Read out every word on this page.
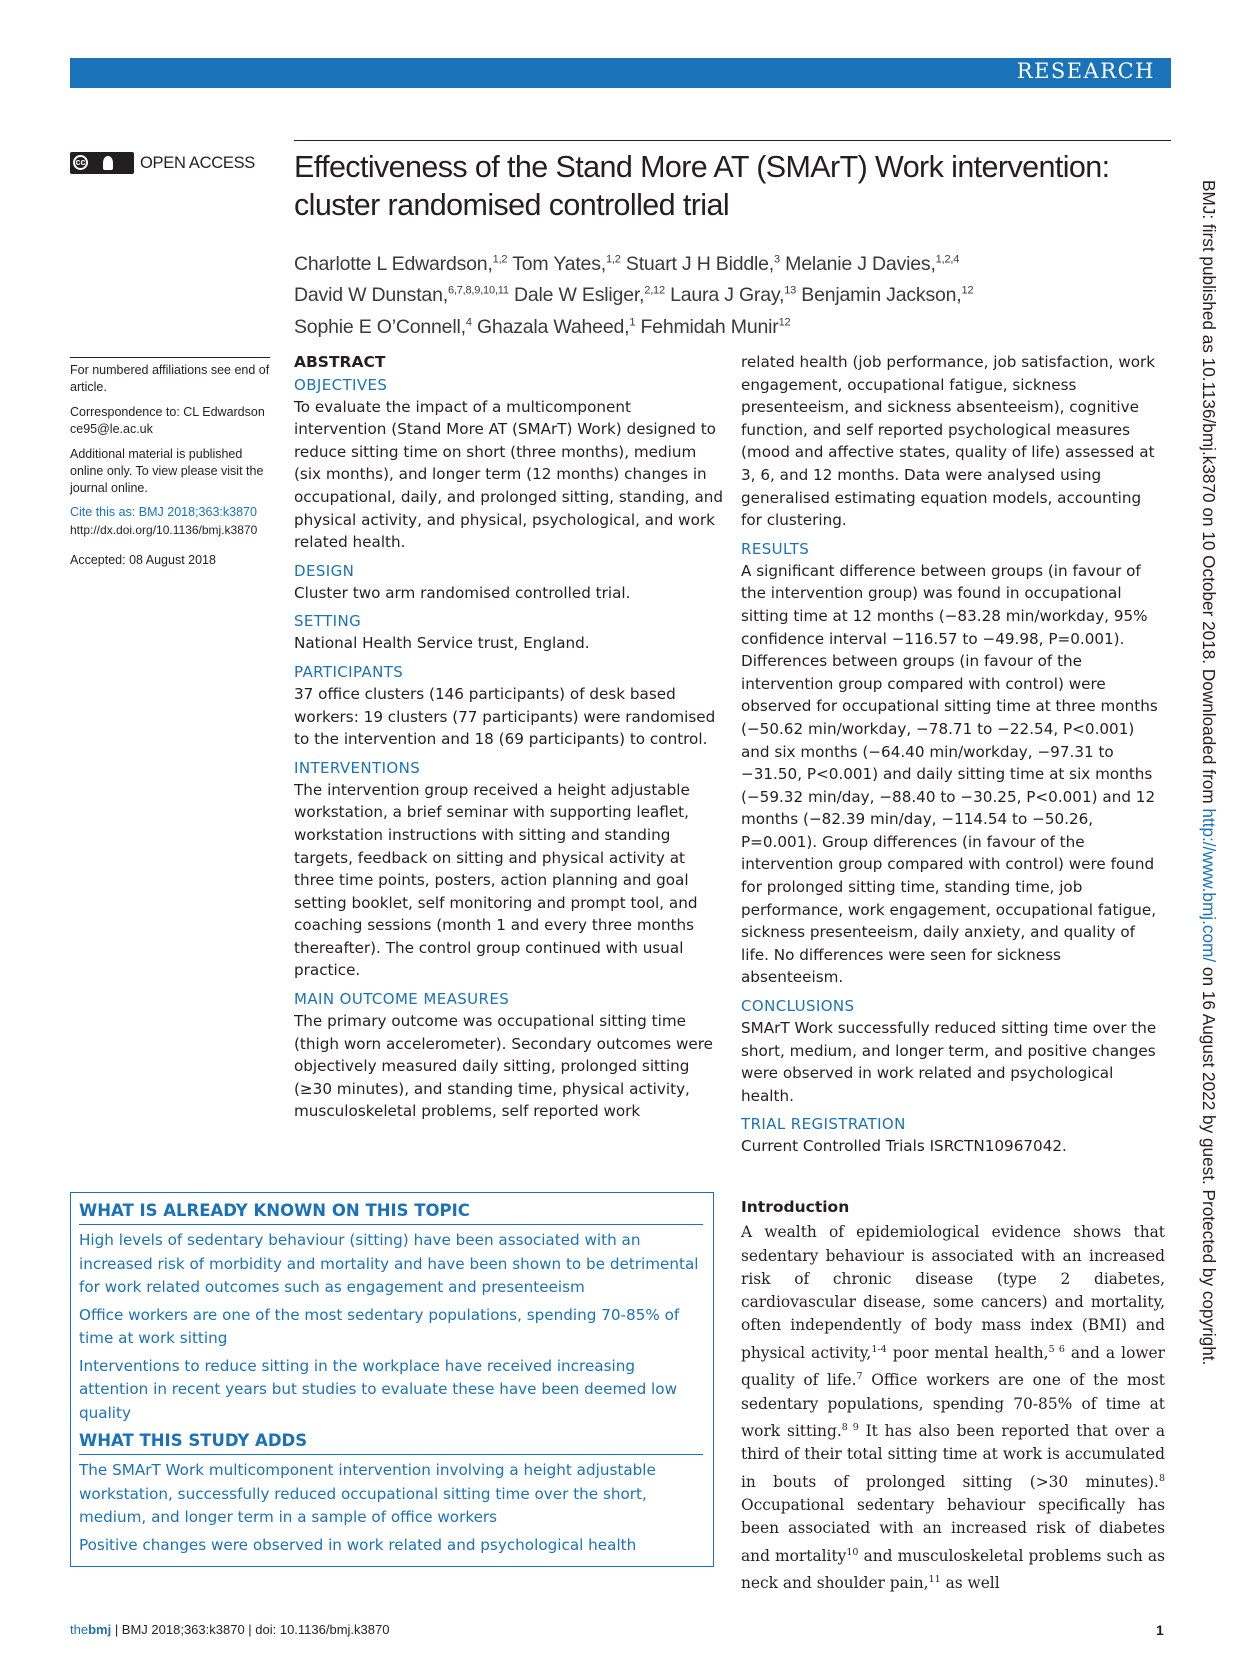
RESEARCH
cc	OPEN ACCESS Effectiveness of the Stand More AT (SMArT) Work intervention:
cluster randomised controlled trial
Charlotte L Edwardson,$^{1,2}$ Tom Yates,$^{1,2}$ Stuart J H Biddle,$^3$ Melanie J Davies,$^{1,2,4}$
David W Dunstan,$^{6,7,8,9,10,11}$ Dale W Esliger,$^{2,12}$ Laura J Gray,$^{13}$ Benjamin Jackson,$^{12}$
Sophie E O’Connell,$^4$ Ghazala Waheed,$^1$ Fehmidah Munir$^{12}$
For numbered affiliations see end of article.
Correspondence to: CL Edwardson ce95@le.ac.uk
Additional material is published online only. To view please visit the journal online.
Cite this as: BMJ 2018;363:k3870
http://dx.doi.org/10.1136/bmj.k3870
Accepted: 08 August 2018

ABSTRACT

OBJECTIVES

To evaluate the impact of a multicomponent intervention (Stand More AT (SMArT) Work) designed to reduce sitting time on short (three months), medium (six months), and longer term (12 months) changes in occupational, daily, and prolonged sitting, standing, and physical activity, and physical, psychological, and work related health.

DESIGN

Cluster two arm randomised controlled trial.

SETTING

National Health Service trust, England.

PARTICIPANTS

37 office clusters (146 participants) of desk based workers: 19 clusters (77 participants) were randomised to the intervention and 18 (69 participants) to control.

INTERVENTIONS

The intervention group received a height adjustable workstation, a brief seminar with supporting leaflet, workstation instructions with sitting and standing targets, feedback on sitting and physical activity at three time points, posters, action planning and goal setting booklet, self monitoring and prompt tool, and coaching sessions (month 1 and every three months thereafter). The control group continued with usual practice.

MAIN OUTCOME MEASURES

The primary outcome was occupational sitting time (thigh worn accelerometer). Secondary outcomes were objectively measured daily sitting, prolonged sitting (≥30 minutes), and standing time, physical activity, musculoskeletal problems, self reported work

related health (job performance, job satisfaction, work engagement, occupational fatigue, sickness presenteeism, and sickness absenteeism), cognitive function, and self reported psychological measures (mood and affective states, quality of life) assessed at 3, 6, and 12 months. Data were analysed using generalised estimating equation models, accounting for clustering.

RESULTS

A significant difference between groups (in favour of the intervention group) was found in occupational sitting time at 12 months (−83.28 min/workday, 95% confidence interval −116.57 to −49.98, P=0.001). Differences between groups (in favour of the intervention group compared with control) were observed for occupational sitting time at three months (−50.62 min/workday, −78.71 to −22.54, P<0.001) and six months (−64.40 min/workday, −97.31 to −31.50, P<0.001) and daily sitting time at six months (−59.32 min/day, −88.40 to −30.25, P<0.001) and 12 months (−82.39 min/day, −114.54 to −50.26, P=0.001). Group differences (in favour of the intervention group compared with control) were found for prolonged sitting time, standing time, job performance, work engagement, occupational fatigue, sickness presenteeism, daily anxiety, and quality of life. No differences were seen for sickness absenteeism.

CONCLUSIONS

SMArT Work successfully reduced sitting time over the short, medium, and longer term, and positive changes were observed in work related and psychological health.

TRIAL REGISTRATION

Current Controlled Trials ISRCTN10967042.

WHAT IS ALREADY KNOWN ON THIS TOPIC
High levels of sedentary behaviour (sitting) have been associated with an increased risk of morbidity and mortality and have been shown to be detrimental for work related outcomes such as engagement and presenteeism
Office workers are one of the most sedentary populations, spending 70-85% of time at work sitting
Interventions to reduce sitting in the workplace have received increasing attention in recent years but studies to evaluate these have been deemed low quality
WHAT THIS STUDY ADDS
The SMArT Work multicomponent intervention involving a height adjustable workstation, successfully reduced occupational sitting time over the short, medium, and longer term in a sample of office workers
Positive changes were observed in work related and psychological health

Introduction

A wealth of epidemiological evidence shows that sedentary behaviour is associated with an increased risk of chronic disease (type 2 diabetes, cardiovascular disease, some cancers) and mortality, often independently of body mass index (BMI) and physical activity,$^{1-4}$ poor mental health,$^{5 6}$ and a lower quality of life.$^7$ Office workers are one of the most sedentary populations, spending 70-85% of time at work sitting.$^{8 9}$ It has also been reported that over a third of their total sitting time at work is accumulated in bouts of prolonged sitting (>30 minutes).$^8$ Occupational sedentary behaviour specifically has been associated with an increased risk of diabetes and mortality$^{10}$ and musculoskeletal problems such as neck and shoulder pain,$^{11}$ as well

thebmj | BMJ 2018;363:k3870 | doi: 10.1136/bmj.k3870	1
BMJ: first published as 10.1136/bmj.k3870 on 10 October 2018. Downloaded from http://www.bmj.com/ on 16 August 2022 by guest. Protected by copyright.
